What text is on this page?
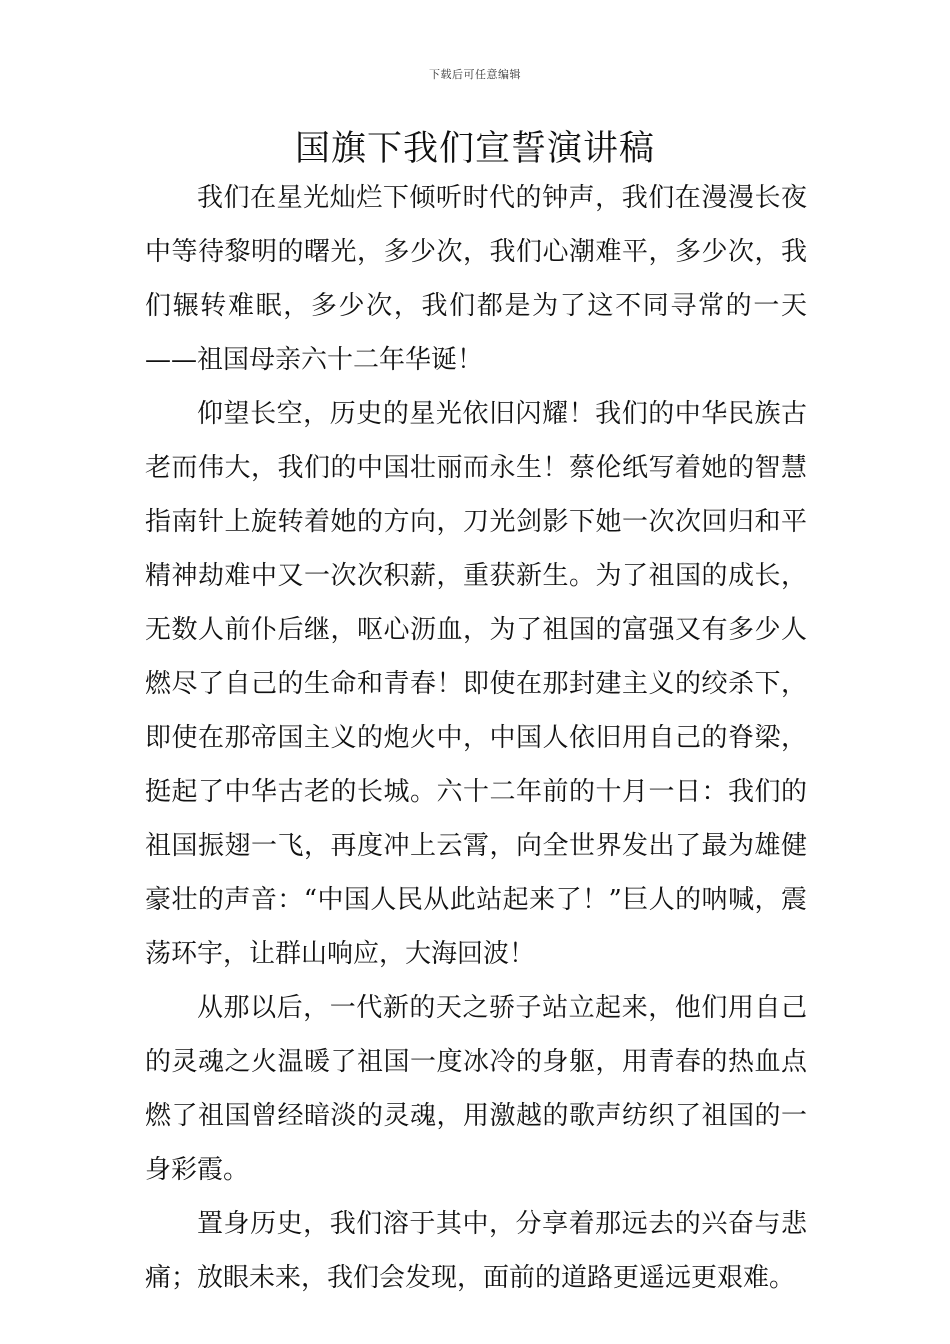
下载后可任意编辑
国旗下我们宣誓演讲稿

我们在星光灿烂下倾听时代的钟声，我们在漫漫长夜中等待黎明的曙光，多少次，我们心潮难平，多少次，我们辗转难眠，多少次，我们都是为了这不同寻常的一天——祖国母亲六十二年华诞！

仰望长空，历史的星光依旧闪耀！我们的中华民族古老而伟大，我们的中国壮丽而永生！蔡伦纸写着她的智慧指南针上旋转着她的方向，刀光剑影下她一次次回归和平精神劫难中又一次次积薪，重获新生。为了祖国的成长，无数人前仆后继，呕心沥血，为了祖国的富强又有多少人燃尽了自己的生命和青春！即使在那封建主义的绞杀下，即使在那帝国主义的炮火中，中国人依旧用自己的脊梁，挺起了中华古老的长城。六十二年前的十月一日：我们的祖国振翅一飞，再度冲上云霄，向全世界发出了最为雄健豪壮的声音：“中国人民从此站起来了！”巨人的呐喊，震荡环宇，让群山响应，大海回波！

从那以后，一代新的天之骄子站立起来，他们用自己的灵魂之火温暖了祖国一度冰冷的身躯，用青春的热血点燃了祖国曾经暗淡的灵魂，用激越的歌声纺织了祖国的一身彩霞。

置身历史，我们溶于其中，分享着那远去的兴奋与悲痛；放眼未来，我们会发现，面前的道路更遥远更艰难。
